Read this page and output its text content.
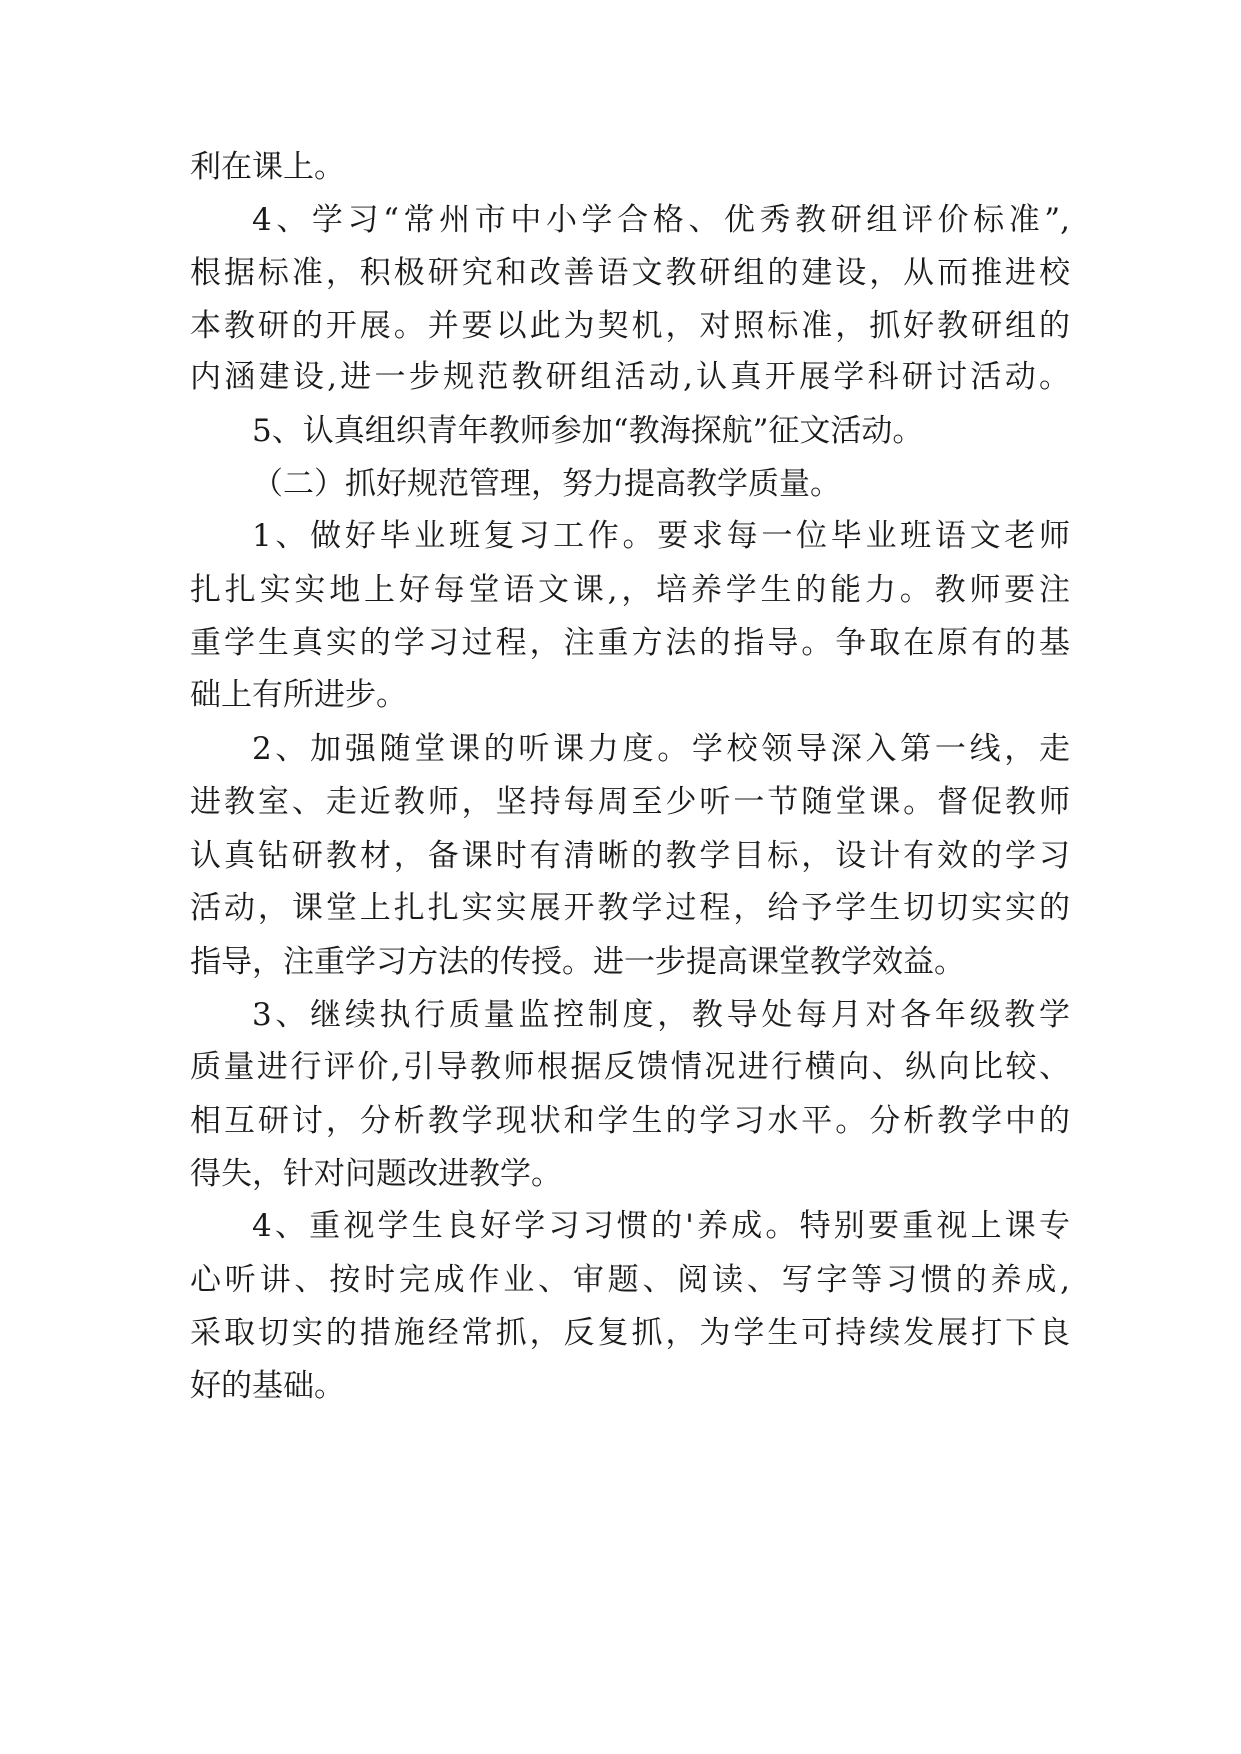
利在课上。
4、学习“常州市中小学合格、优秀教研组评价标准”,
根据标准，积极研究和改善语文教研组的建设，从而推进校
本教研的开展。并要以此为契机，对照标准，抓好教研组的
内涵建设,进一步规范教研组活动,认真开展学科研讨活动。
5、认真组织青年教师参加“教海探航”征文活动。
（二）抓好规范管理，努力提高教学质量。
1、做好毕业班复习工作。要求每一位毕业班语文老师
扎扎实实地上好每堂语文课,，培养学生的能力。教师要注
重学生真实的学习过程，注重方法的指导。争取在原有的基
础上有所进步。
2、加强随堂课的听课力度。学校领导深入第一线，走
进教室、走近教师，坚持每周至少听一节随堂课。督促教师
认真钻研教材，备课时有清晰的教学目标，设计有效的学习
活动，课堂上扎扎实实展开教学过程，给予学生切切实实的
指导，注重学习方法的传授。进一步提高课堂教学效益。
3、继续执行质量监控制度，教导处每月对各年级教学
质量进行评价,引导教师根据反馈情况进行横向、纵向比较、
相互研讨，分析教学现状和学生的学习水平。分析教学中的
得失，针对问题改进教学。
4、重视学生良好学习习惯的'养成。特别要重视上课专
心听讲、按时完成作业、审题、阅读、写字等习惯的养成,
采取切实的措施经常抓，反复抓，为学生可持续发展打下良
好的基础。
